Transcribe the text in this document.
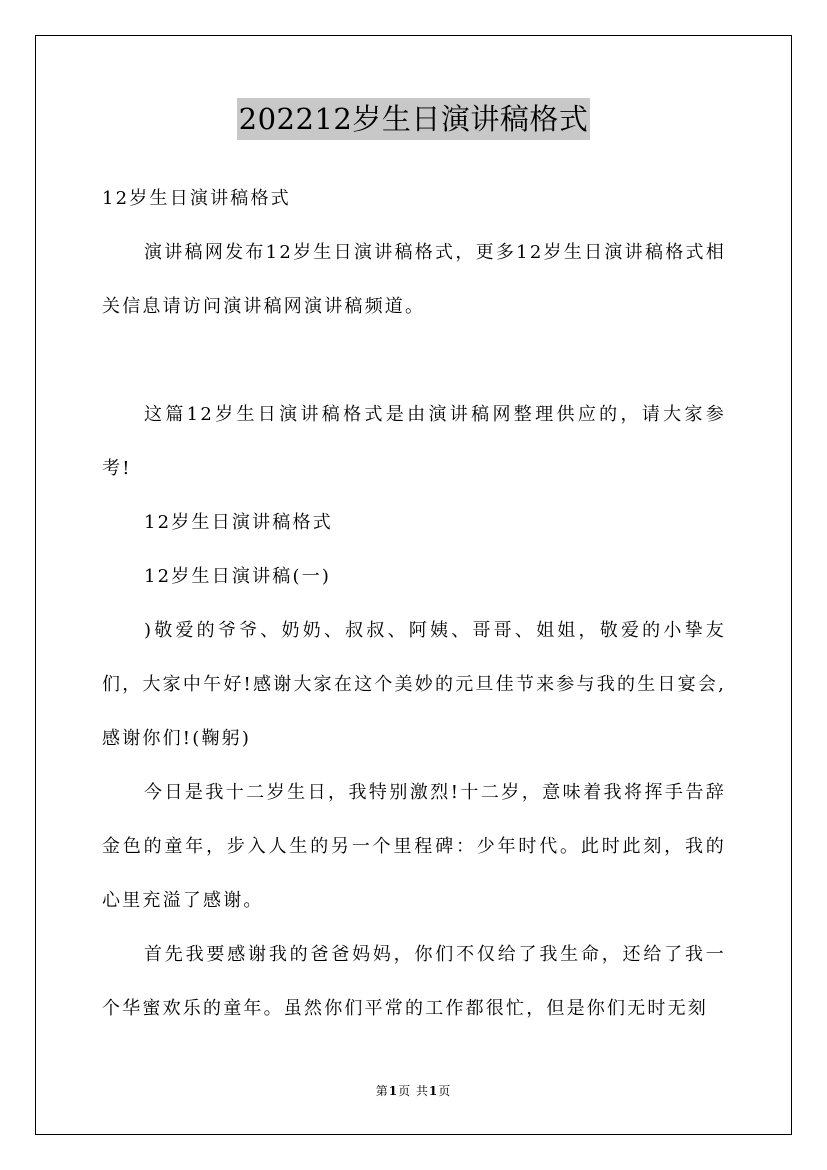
202212岁生日演讲稿格式

12岁生日演讲稿格式

演讲稿网发布12岁生日演讲稿格式，更多12岁生日演讲稿格式相关信息请访问演讲稿网演讲稿频道。

这篇12岁生日演讲稿格式是由演讲稿网整理供应的，请大家参考!

12岁生日演讲稿格式

12岁生日演讲稿(一)

)敬爱的爷爷、奶奶、叔叔、阿姨、哥哥、姐姐，敬爱的小挚友们，大家中午好!感谢大家在这个美妙的元旦佳节来参与我的生日宴会,感谢你们!(鞠躬)

今日是我十二岁生日，我特别激烈!十二岁，意味着我将挥手告辞金色的童年，步入人生的另一个里程碑：少年时代。此时此刻，我的心里充溢了感谢。

首先我要感谢我的爸爸妈妈，你们不仅给了我生命，还给了我一个华蜜欢乐的童年。虽然你们平常的工作都很忙，但是你们无时无刻

第1页 共1页
